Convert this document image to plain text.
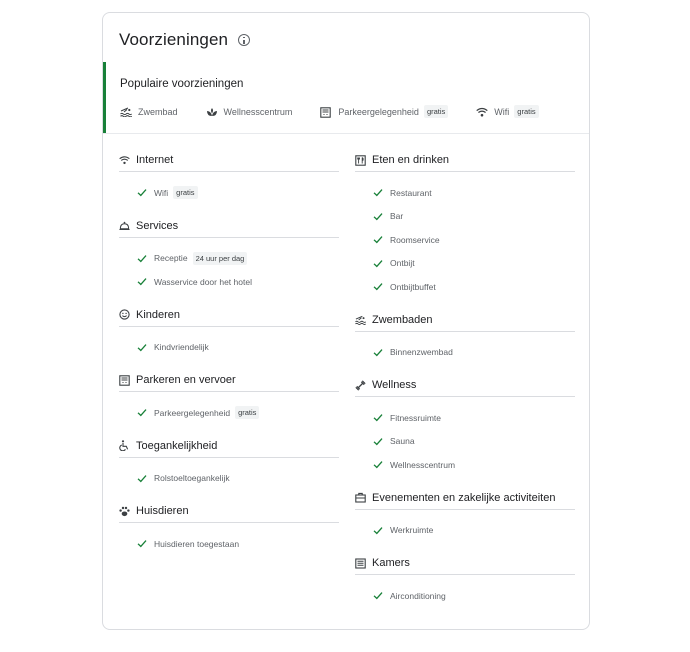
Voorzieningen
Populaire voorzieningen
Zwembad	Wellnesscentrum	Parkeergelegenheid	gratis	Wifi	gratis
Internet
Wifi	gratis
Services
Receptie	24 uur per dag
Wasservice door het hotel
Kinderen
Kindvriendelijk
Parkeren en vervoer
Parkeergelegenheid	gratis
Toegankelijkheid
Rolstoeltoegankelijk
Huisdieren
Huisdieren toegestaan
Eten en drinken
Restaurant
Bar
Roomservice
Ontbijt
Ontbijtbuffet
Zwembaden
Binnenzwembad
Wellness
Fitnessruimte
Sauna
Wellnesscentrum
Evenementen en zakelijke activiteiten
Werkruimte
Kamers
Airconditioning
